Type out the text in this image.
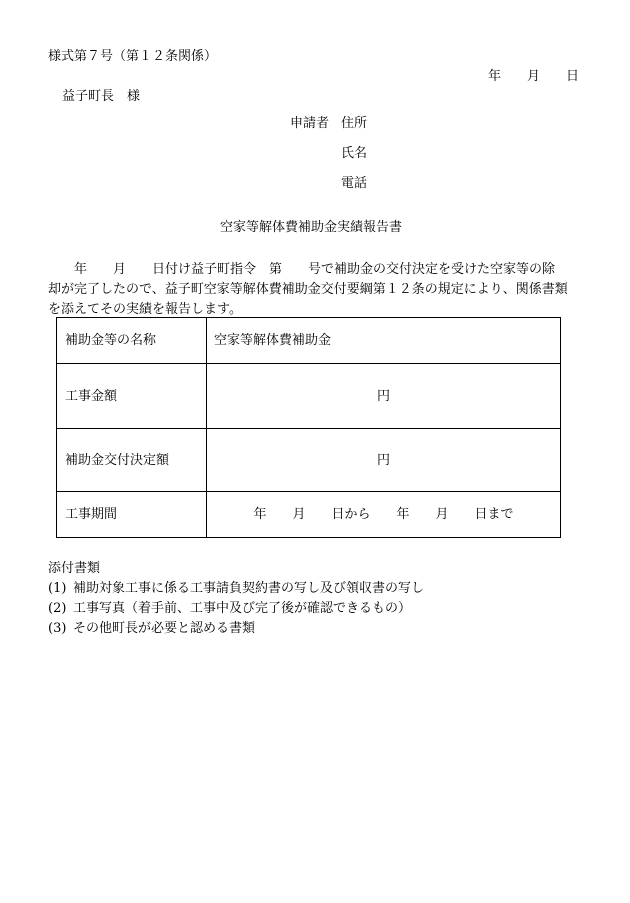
様式第７号（第１２条関係）
年　　月　　日
益子町長　様
申請者 住所
氏名
電話
空家等解体費補助金実績報告書
　　年　　月　　日付け益子町指令　第　　号で補助金の交付決定を受けた空家等の除
却が完了したので、益子町空家等解体費補助金交付要綱第１２条の規定により、関係書類
を添えてその実績を報告します。
補助金等の名称	空家等解体費補助金
工事金額	円
補助金交付決定額	円
工事期間	年　　月　　日から　　年　　月　　日まで
添付書類
(1) 補助対象工事に係る工事請負契約書の写し及び領収書の写し
(2) 工事写真（着手前、工事中及び完了後が確認できるもの）
(3) その他町長が必要と認める書類
